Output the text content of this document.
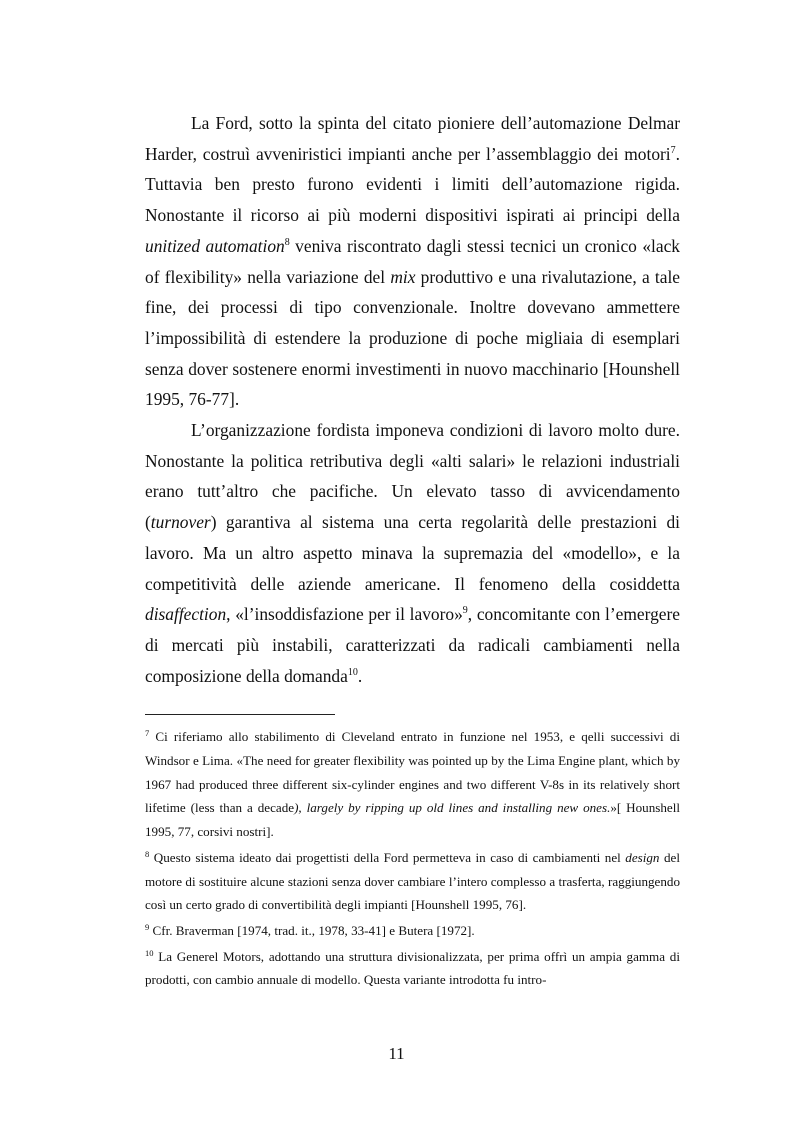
La Ford, sotto la spinta del citato pioniere dell’automazione Delmar Harder, costruì avveniristici impianti anche per l’assemblaggio dei motori$^7$. Tuttavia ben presto furono evidenti i limiti dell’automazione rigida. Nonostante il ricorso ai più moderni dispositivi ispirati ai principi della unitized automation$^8$ veniva riscontrato dagli stessi tecnici un cronico «lack of flexibility» nella variazione del mix produttivo e una rivalutazione, a tale fine, dei processi di tipo convenzionale. Inoltre dovevano ammettere l’impossibilità di estendere la produzione di poche migliaia di esemplari senza dover sostenere enormi investimenti in nuovo macchinario [Hounshell 1995, 76-77].

L’organizzazione fordista imponeva condizioni di lavoro molto dure. Nonostante la politica retributiva degli «alti salari» le relazioni industriali erano tutt’altro che pacifiche. Un elevato tasso di avvicendamento (turnover) garantiva al sistema una certa regolarità delle prestazioni di lavoro. Ma un altro aspetto minava la supremazia del «modello», e la competitività delle aziende americane. Il fenomeno della cosiddetta disaffection, «l’insoddisfazione per il lavoro»$^9$, concomitante con l’emergere di mercati più instabili, caratterizzati da radicali cambiamenti nella composizione della domanda$^{10}$.

$^7$ Ci riferiamo allo stabilimento di Cleveland entrato in funzione nel 1953, e qelli successivi di Windsor e Lima. «The need for greater flexibility was pointed up by the Lima Engine plant, which by 1967 had produced three different six-cylinder engines and two different V-8s in its relatively short lifetime (less than a decade), largely by ripping up old lines and installing new ones.»[ Hounshell 1995, 77, corsivi nostri].

$^8$ Questo sistema ideato dai progettisti della Ford permetteva in caso di cambiamenti nel design del motore di sostituire alcune stazioni senza dover cambiare l’intero complesso a trasferta, raggiungendo così un certo grado di convertibilità degli impianti [Hounshell 1995, 76].

$^9$ Cfr. Braverman [1974, trad. it., 1978, 33-41] e Butera [1972].

$^{10}$ La Generel Motors, adottando una struttura divisionalizzata, per prima offrì un ampia gamma di prodotti, con cambio annuale di modello. Questa variante introdotta fu intro-

11
